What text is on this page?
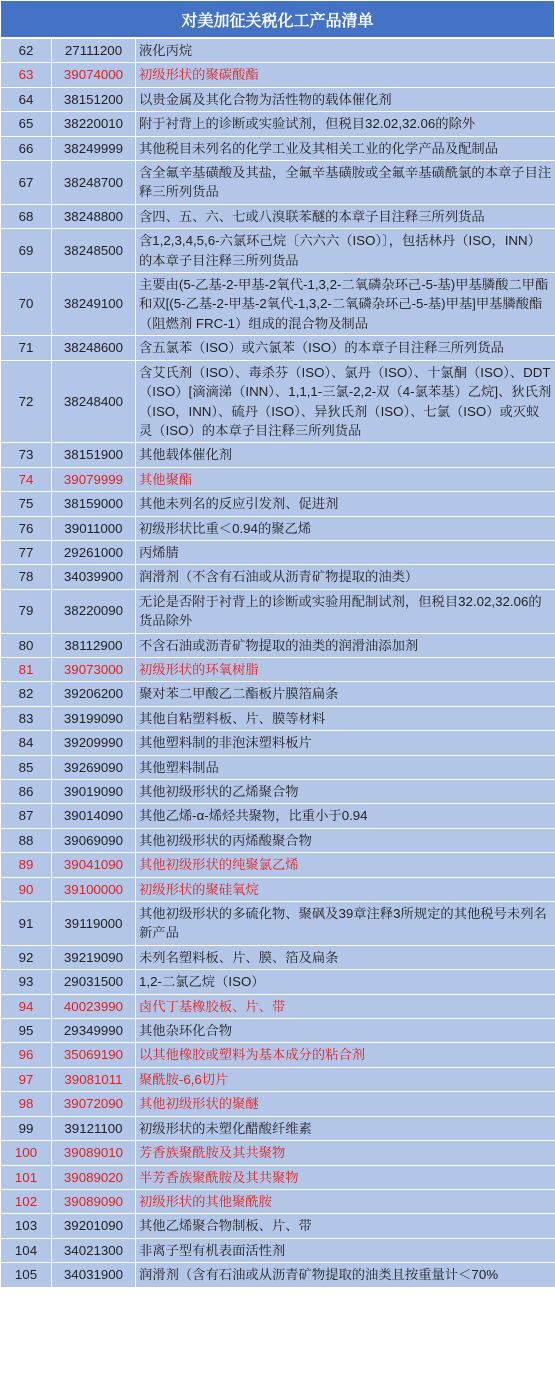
对美加征关税化工产品清单
62	27111200	液化丙烷
63	39074000	初级形状的聚碳酸酯
64	38151200	以贵金属及其化合物为活性物的载体催化剂
65	38220010	附于衬背上的诊断或实验试剂，但税目32.02,32.06的除外
66	38249999	其他税目未列名的化学工业及其相关工业的化学产品及配制品
67	38248700	含全氟辛基磺酸及其盐，全氟辛基磺胺或全氟辛基磺酰氯的本章子目注释三所列货品
68	38248800	含四、五、六、七或八溴联苯醚的本章子目注释三所列货品
69	38248500	含1,2,3,4,5,6-六氯环己烷〔六六六（ISO）〕，包括林丹（ISO，INN）的本章子目注释三所列货品
70	38249100	主要由(5-乙基-2-甲基-2氧代-1,3,2-二氧磷杂环己-5-基)甲基膦酸二甲酯和双[(5-乙基-2-甲基-2氧代-1,3,2-二氧磷杂环己-5-基)甲基]甲基膦酸酯（阻燃剂 FRC-1）组成的混合物及制品
71	38248600	含五氯苯（ISO）或六氯苯（ISO）的本章子目注释三所列货品
72	38248400	含艾氏剂（ISO）、毒杀芬（ISO）、氯丹（ISO）、十氯酮（ISO）、DDT（ISO）[滴滴涕（INN）、1,1,1-三氯-2,2-双（4-氯苯基）乙烷]、狄氏剂（ISO，INN）、硫丹（ISO）、异狄氏剂（ISO）、七氯（ISO）或灭蚁灵（ISO）的本章子目注释三所列货品
73	38151900	其他载体催化剂
74	39079999	其他聚酯
75	38159000	其他未列名的反应引发剂、促进剂
76	39011000	初级形状比重＜0.94的聚乙烯
77	29261000	丙烯腈
78	34039900	润滑剂（不含有石油或从沥青矿物提取的油类）
79	38220090	无论是否附于衬背上的诊断或实验用配制试剂，但税目32.02,32.06的货品除外
80	38112900	不含石油或沥青矿物提取的油类的润滑油添加剂
81	39073000	初级形状的环氧树脂
82	39206200	聚对苯二甲酸乙二酯板片膜箔扁条
83	39199090	其他自粘塑料板、片、膜等材料
84	39209990	其他塑料制的非泡沫塑料板片
85	39269090	其他塑料制品
86	39019090	其他初级形状的乙烯聚合物
87	39014090	其他乙烯-α-烯烃共聚物，比重小于0.94
88	39069090	其他初级形状的丙烯酸聚合物
89	39041090	其他初级形状的纯聚氯乙烯
90	39100000	初级形状的聚硅氧烷
91	39119000	其他初级形状的多硫化物、聚砜及39章注释3所规定的其他税号未列名新产品
92	39219090	未列名塑料板、片、膜、箔及扁条
93	29031500	1,2-二氯乙烷（ISO）
94	40023990	卤代丁基橡胶板、片、带
95	29349990	其他杂环化合物
96	35069190	以其他橡胶或塑料为基本成分的粘合剂
97	39081011	聚酰胺-6,6切片
98	39072090	其他初级形状的聚醚
99	39121100	初级形状的未塑化醋酸纤维素
100	39089010	芳香族聚酰胺及其共聚物
101	39089020	半芳香族聚酰胺及其共聚物
102	39089090	初级形状的其他聚酰胺
103	39201090	其他乙烯聚合物制板、片、带
104	34021300	非离子型有机表面活性剂
105	34031900	润滑剂（含有石油或从沥青矿物提取的油类且按重量计＜70%
